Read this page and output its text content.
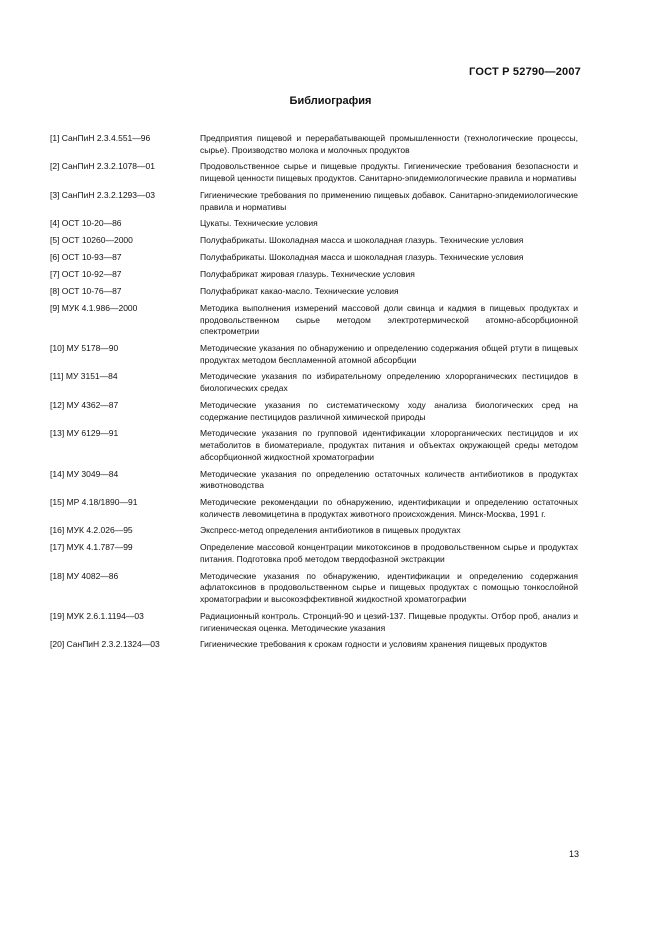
ГОСТ Р 52790—2007
Библиография
[1] СанПиН 2.3.4.551—96	Предприятия пищевой и перерабатывающей промышленности (технологические процессы, сырье). Производство молока и молочных продуктов
[2] СанПиН 2.3.2.1078—01	Продовольственное сырье и пищевые продукты. Гигиенические требования безопасности и пищевой ценности пищевых продуктов. Санитарно-эпидемиологические правила и нормативы
[3] СанПиН 2.3.2.1293—03	Гигиенические требования по применению пищевых добавок. Санитарно-эпидемиологические правила и нормативы
[4] ОСТ 10-20—86	Цукаты. Технические условия
[5] ОСТ 10260—2000	Полуфабрикаты. Шоколадная масса и шоколадная глазурь. Технические условия
[6] ОСТ 10-93—87	Полуфабрикаты. Шоколадная масса и шоколадная глазурь. Технические условия
[7] ОСТ 10-92—87	Полуфабрикат жировая глазурь. Технические условия
[8] ОСТ 10-76—87	Полуфабрикат какао-масло. Технические условия
[9] МУК 4.1.986—2000	Методика выполнения измерений массовой доли свинца и кадмия в пищевых продуктах и продовольственном сырье методом электротермической атомно-абсорбционной спектрометрии
[10] МУ 5178—90	Методические указания по обнаружению и определению содержания общей ртути в пищевых продуктах методом беспламенной атомной абсорбции
[11] МУ 3151—84	Методические указания по избирательному определению хлорорганических пестицидов в биологических средах
[12] МУ 4362—87	Методические указания по систематическому ходу анализа биологических сред на содержание пестицидов различной химической природы
[13] МУ 6129—91	Методические указания по групповой идентификации хлорорганических пестицидов и их метаболитов в биоматериале, продуктах питания и объектах окружающей среды методом абсорбционной жидкостной хроматографии
[14] МУ 3049—84	Методические указания по определению остаточных количеств антибиотиков в продуктах животноводства
[15] МР 4.18/1890—91	Методические рекомендации по обнаружению, идентификации и определению остаточных количеств левомицетина в продуктах животного происхождения. Минск-Москва, 1991 г.
[16] МУК 4.2.026—95	Экспресс-метод определения антибиотиков в пищевых продуктах
[17] МУК 4.1.787—99	Определение массовой концентрации микотоксинов в продовольственном сырье и продуктах питания. Подготовка проб методом твердофазной экстракции
[18] МУ 4082—86	Методические указания по обнаружению, идентификации и определению содержания афлатоксинов в продовольственном сырье и пищевых продуктах с помощью тонкослойной хроматографии и высокоэффективной жидкостной хроматографии
[19] МУК 2.6.1.1194—03	Радиационный контроль. Стронций-90 и цезий-137. Пищевые продукты. Отбор проб, анализ и гигиеническая оценка. Методические указания
[20] СанПиН 2.3.2.1324—03	Гигиенические требования к срокам годности и условиям хранения пищевых продуктов
13
